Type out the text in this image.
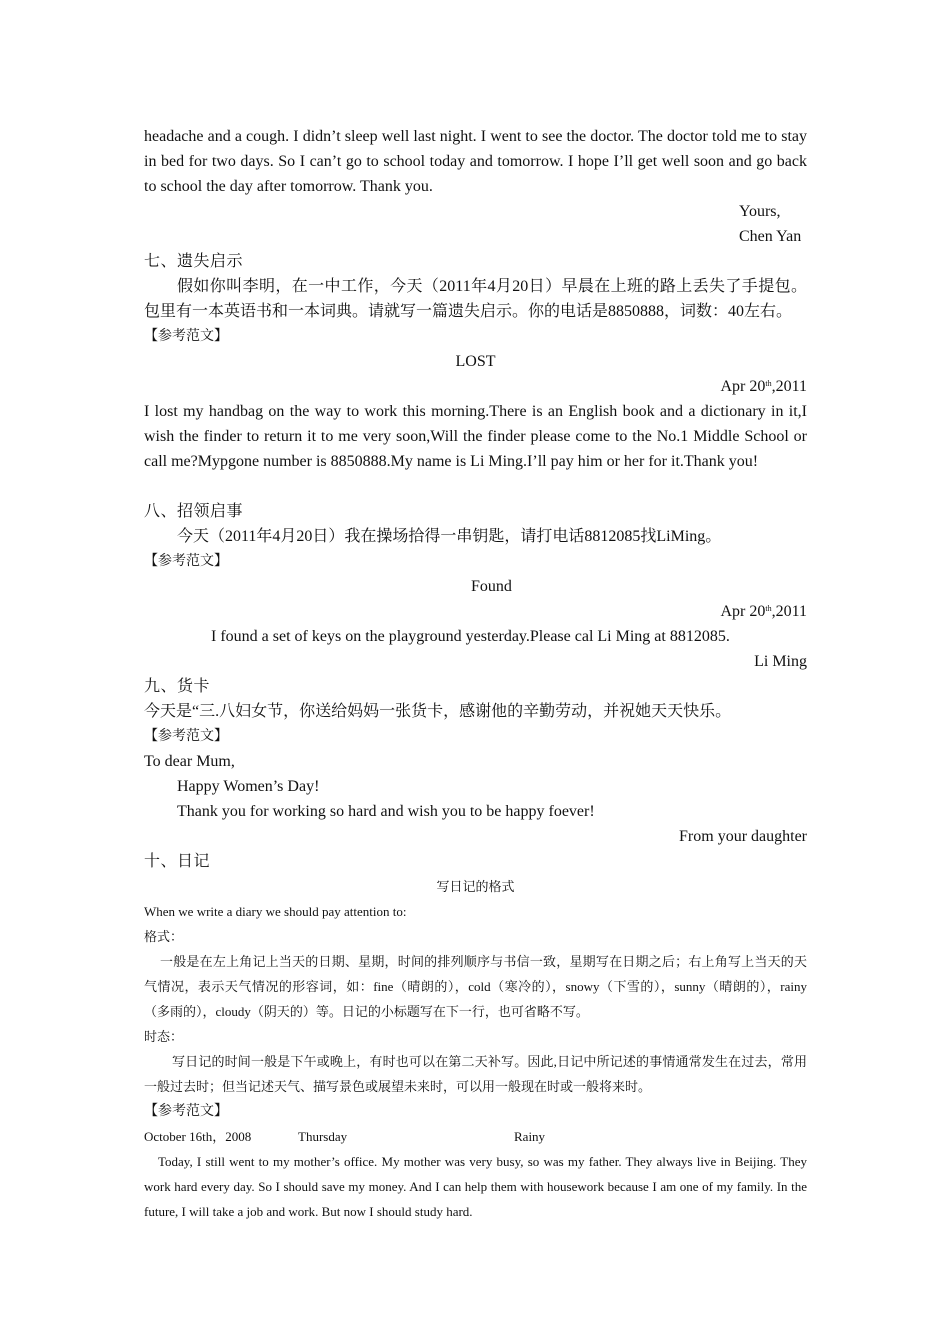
headache and a cough. I didn’t sleep well last night. I went to see the doctor. The doctor told me to stay in bed for two days. So I can’t go to school today and tomorrow. I hope I’ll get well soon and go back to school the day after tomorrow. Thank you.
Yours,
Chen Yan
七、遗失启示
假如你叫李明，在一中工作，今天（2011年4月20日）早晨在上班的路上丢失了手提包。包里有一本英语书和一本词典。请就写一篇遗失启示。你的电话是8850888，词数：40左右。
【参考范文】
LOST
Apr 20th,2011
I lost my handbag on the way to work this morning.There is an English book and a dictionary in it,I wish the finder to return it to me very soon,Will the finder please come to the No.1 Middle School or call me?Mypgone number is 8850888.My name is Li Ming.I’ll pay him or her for it.Thank you!
八、招领启事
今天（2011年4月20日）我在操场拾得一串钥匙，请打电话8812085找LiMing。
【参考范文】
Found
Apr 20th,2011
I found a set of keys on the playground yesterday.Please cal Li Ming at 8812085.
Li Ming
九、货卡
今天是“三.八妇女节，你送给妈妈一张货卡，感谢他的辛勤劳动，并祝她天天快乐。
【参考范文】
To dear Mum,
Happy Women’s Day!
Thank you for working so hard and wish you to be happy foever!
From your daughter
十、日记
写日记的格式
When we write a diary we should pay attention to:
格式：
一般是在左上角记上当天的日期、星期，时间的排列顺序与书信一致，星期写在日期之后；右上角写上当天的天气情况，表示天气情况的形容词，如：fine（晴朗的），cold（寒冷的），snowy（下雪的），sunny（晴朗的），rainy（多雨的），cloudy（阴天的）等。日记的小标题写在下一行，也可省略不写。
时态：
写日记的时间一般是下午或晚上，有时也可以在第二天补写。因此,日记中所记述的事情通常发生在过去，常用一般过去时；但当记述天气、描写景色或展望未来时，可以用一般现在时或一般将来时。
【参考范文】
October 16th，2008	Thursday	Rainy
Today, I still went to my mother’s office. My mother was very busy, so was my father. They always live in Beijing. They work hard every day. So I should save my money. And I can help them with housework because I am one of my family. In the future, I will take a job and work. But now I should study hard.
